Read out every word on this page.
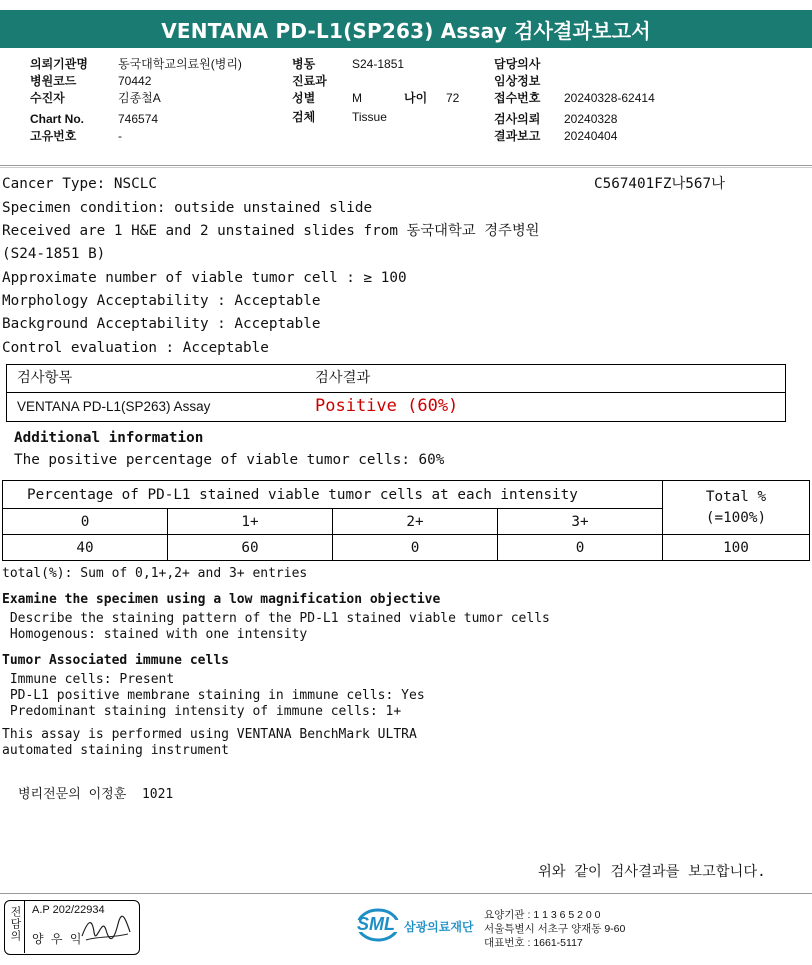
VENTANA PD-L1(SP263) Assay 검사결과보고서
의뢰기관명	동국대학교의료원(병리)
병원코드	70442
수진자	김종철A
Chart No.	746574
고유번호	-
병동	S24-1851
진료과
성별	M	나이	72
검체	Tissue
담당의사
임상정보
접수번호	20240328-62414
검사의뢰	20240328
결과보고	20240404
Cancer Type: NSCLC	C567401FZ나567나
Specimen condition: outside unstained slide
Received are 1 H&E and 2 unstained slides from 동국대학교 경주병원
(S24-1851 B)
Approximate number of viable tumor cell : ≥ 100
Morphology Acceptability : Acceptable
Background Acceptability : Acceptable
Control evaluation : Acceptable
검사항목	검사결과
VENTANA PD-L1(SP263) Assay	Positive (60%)
Additional information
The positive percentage of viable tumor cells: 60%
Percentage of PD-L1 stained viable tumor cells at each intensity				Total %
(=100%)
0	1+	2+	3+	
40	60	0	0	100
total(%): Sum of 0,1+,2+ and 3+ entries
Examine the specimen using a low magnification objective
Describe the staining pattern of the PD-L1 stained viable tumor cells
Homogenous: stained with one intensity
Tumor Associated immune cells
Immune cells: Present
PD-L1 positive membrane staining in immune cells: Yes
Predominant staining intensity of immune cells: 1+
This assay is performed using VENTANA BenchMark ULTRA
automated staining instrument
병리전문의 이정훈  1021
위와 같이 검사결과를 보고합니다.
전담의 A.P 202/22934
양 우 익
SML 삼광의료재단
요양기관 : 1 1 3 6 5 2 0 0
서울특별시 서초구 양재동 9-60
대표번호 : 1661-5117
